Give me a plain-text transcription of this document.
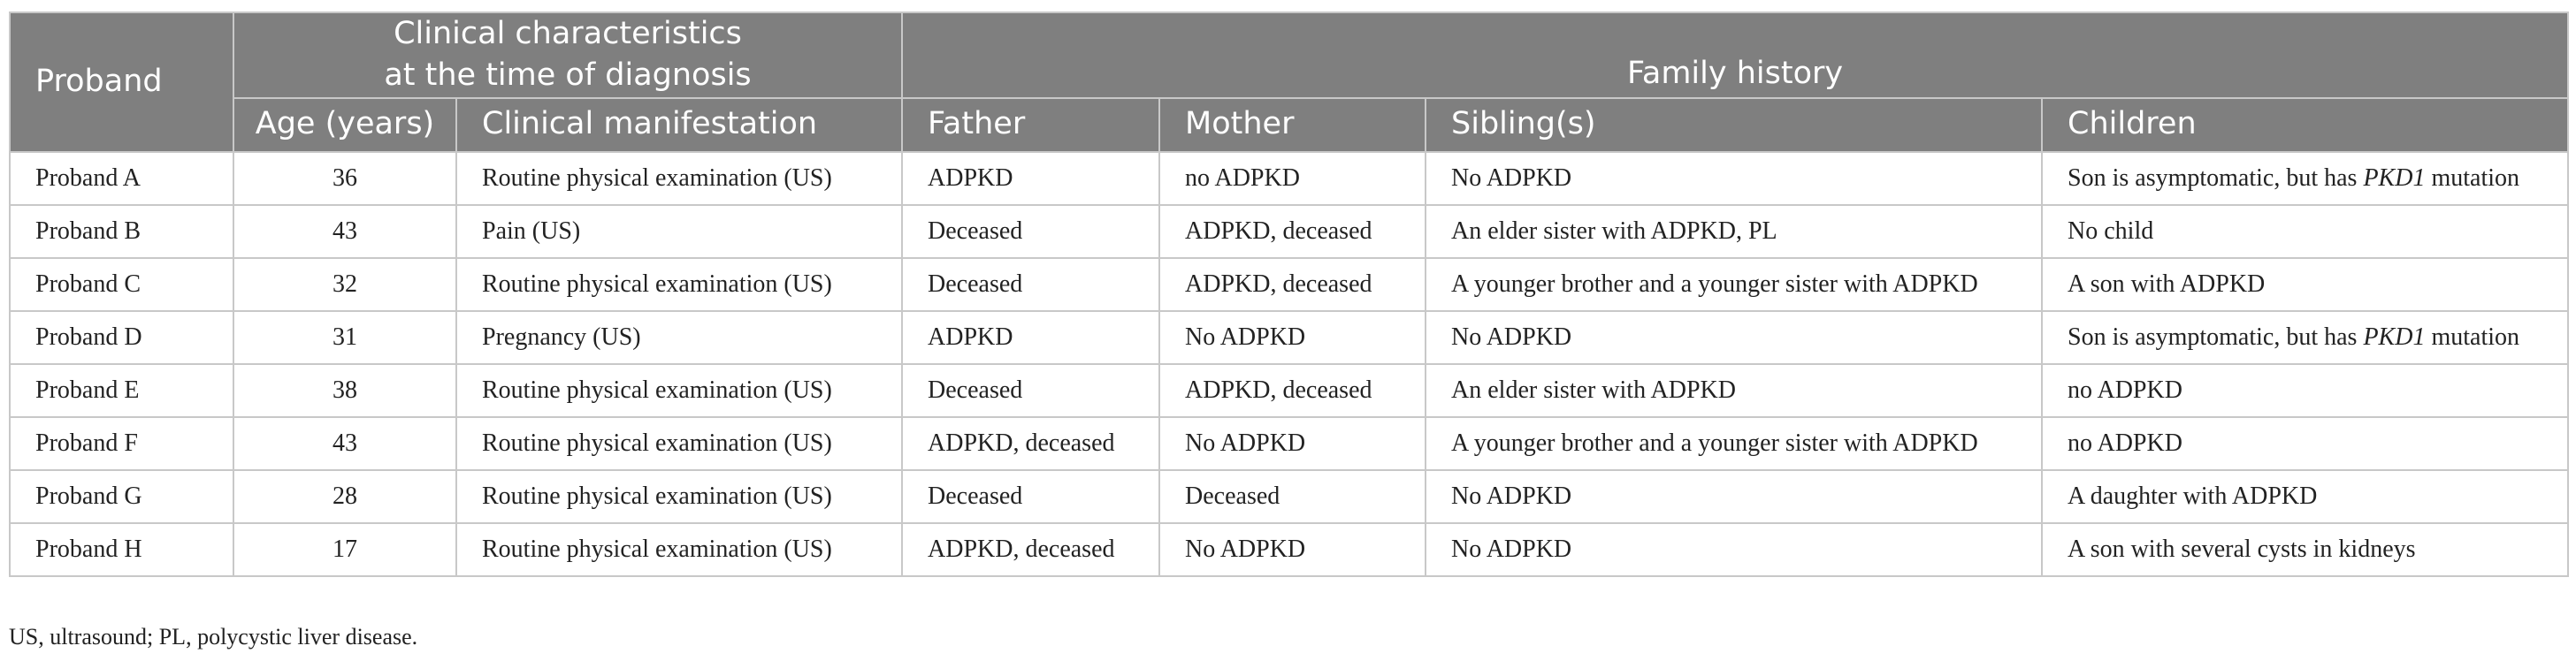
Proband	Clinical characteristics
at the time of diagnosis		Family history			
	Age (years)	Clinical manifestation	Father	Mother	Sibling(s)	Children
Proband A	36	Routine physical examination (US)	ADPKD	no ADPKD	No ADPKD	Son is asymptomatic, but has PKD1 mutation
Proband B	43	Pain (US)	Deceased	ADPKD, deceased	An elder sister with ADPKD, PL	No child
Proband C	32	Routine physical examination (US)	Deceased	ADPKD, deceased	A younger brother and a younger sister with ADPKD	A son with ADPKD
Proband D	31	Pregnancy (US)	ADPKD	No ADPKD	No ADPKD	Son is asymptomatic, but has PKD1 mutation
Proband E	38	Routine physical examination (US)	Deceased	ADPKD, deceased	An elder sister with ADPKD	no ADPKD
Proband F	43	Routine physical examination (US)	ADPKD, deceased	No ADPKD	A younger brother and a younger sister with ADPKD	no ADPKD
Proband G	28	Routine physical examination (US)	Deceased	Deceased	No ADPKD	A daughter with ADPKD
Proband H	17	Routine physical examination (US)	ADPKD, deceased	No ADPKD	No ADPKD	A son with several cysts in kidneys
US, ultrasound; PL, polycystic liver disease.
